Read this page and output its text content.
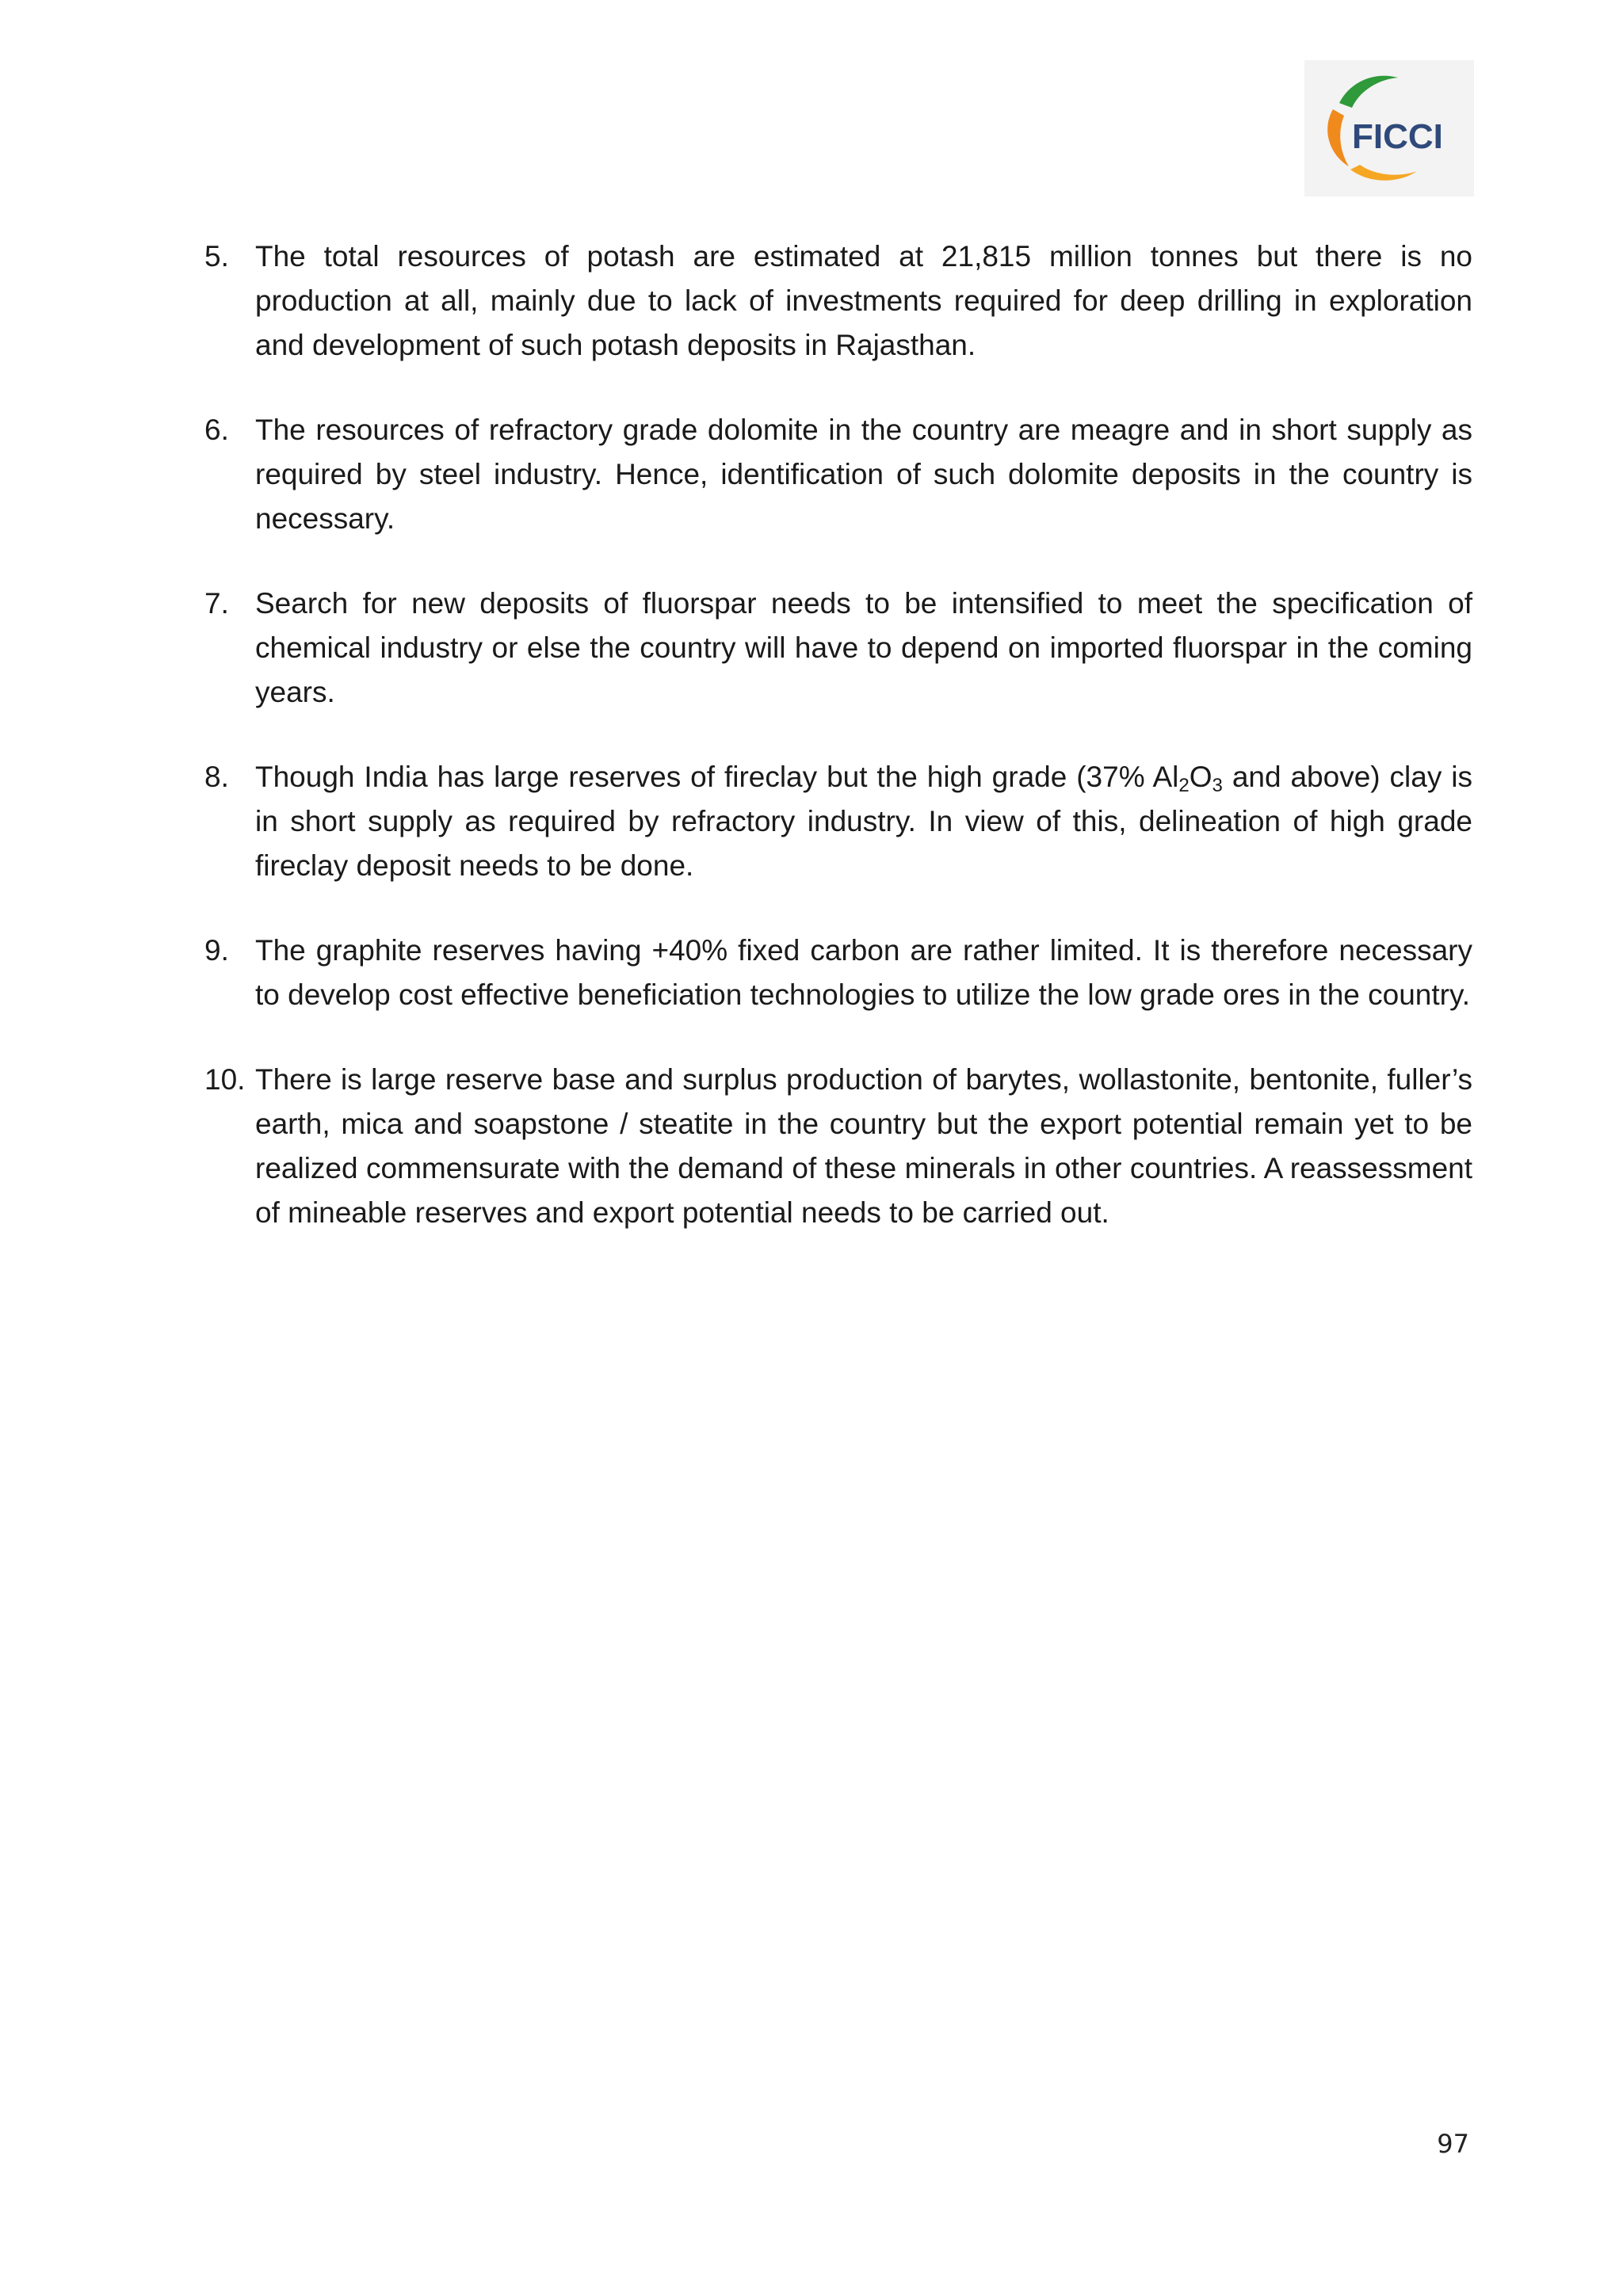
FICCI
5. The total resources of potash are estimated at 21,815 million tonnes but there is no production at all, mainly due to lack of investments required for deep drilling in exploration and development of such potash deposits in Rajasthan.
6. The resources of refractory grade dolomite in the country are meagre and in short supply as required by steel industry. Hence, identification of such dolomite deposits in the country is necessary.
7. Search for new deposits of fluorspar needs to be intensified to meet the specification of chemical industry or else the country will have to depend on imported fluorspar in the coming years.
8. Though India has large reserves of fireclay but the high grade (37% $Al_2O_3$ and above) clay is in short supply as required by refractory industry. In view of this, delineation of high grade fireclay deposit needs to be done.
9. The graphite reserves having +40% fixed carbon are rather limited. It is therefore necessary to develop cost effective beneficiation technologies to utilize the low grade ores in the country.
10. There is large reserve base and surplus production of barytes, wollastonite, bentonite, fuller’s earth, mica and soapstone / steatite in the country but the export potential remain yet to be realized commensurate with the demand of these minerals in other countries. A reassessment of mineable reserves and export potential needs to be carried out.
97
